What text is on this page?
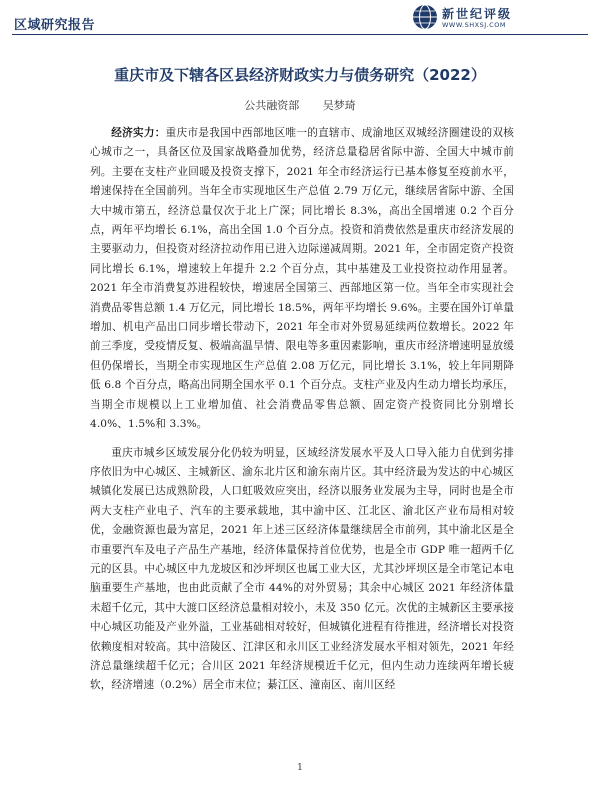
区域研究报告
新世纪评级
WWW.SHXSJ.COM
重庆市及下辖各区县经济财政实力与债务研究（2022）
公共融资部 吴梦琦

经济实力：重庆市是我国中西部地区唯一的直辖市、成渝地区双城经济圈建设的双核心城市之一，具备区位及国家战略叠加优势，经济总量稳居省际中游、全国大中城市前列。主要在支柱产业回暖及投资支撑下，2021 年全市经济运行已基本修复至疫前水平，增速保持在全国前列。当年全市实现地区生产总值 2.79 万亿元，继续居省际中游、全国大中城市第五，经济总量仅次于北上广深；同比增长 8.3%，高出全国增速 0.2 个百分点，两年平均增长 6.1%，高出全国 1.0 个百分点。投资和消费依然是重庆市经济发展的主要驱动力，但投资对经济拉动作用已进入边际递减周期。2021 年，全市固定资产投资同比增长 6.1%，增速较上年提升 2.2 个百分点，其中基建及工业投资拉动作用显著。2021 年全市消费复苏进程较快，增速居全国第三、西部地区第一位。当年全市实现社会消费品零售总额 1.4 万亿元，同比增长 18.5%，两年平均增长 9.6%。主要在国外订单量增加、机电产品出口同步增长带动下，2021 年全市对外贸易延续两位数增长。2022 年前三季度，受疫情反复、极端高温旱情、限电等多重因素影响，重庆市经济增速明显放缓但仍保增长，当期全市实现地区生产总值 2.08 万亿元，同比增长 3.1%，较上年同期降低 6.8 个百分点，略高出同期全国水平 0.1 个百分点。支柱产业及内生动力增长均承压，当期全市规模以上工业增加值、社会消费品零售总额、固定资产投资同比分别增长 4.0%、1.5%和 3.3%。

重庆市城乡区域发展分化仍较为明显，区域经济发展水平及人口导入能力自优到劣排序依旧为中心城区、主城新区、渝东北片区和渝东南片区。其中经济最为发达的中心城区城镇化发展已达成熟阶段，人口虹吸效应突出，经济以服务业发展为主导，同时也是全市两大支柱产业电子、汽车的主要承载地，其中渝中区、江北区、渝北区产业布局相对较优，金融资源也最为富足，2021 年上述三区经济体量继续居全市前列，其中渝北区是全市重要汽车及电子产品生产基地，经济体量保持首位优势，也是全市 GDP 唯一超两千亿元的区县。中心城区中九龙坡区和沙坪坝区也属工业大区，尤其沙坪坝区是全市笔记本电脑重要生产基地，也由此贡献了全市 44%的对外贸易；其余中心城区 2021 年经济体量未超千亿元，其中大渡口区经济总量相对较小，未及 350 亿元。次优的主城新区主要承接中心城区功能及产业外溢，工业基础相对较好，但城镇化进程有待推进，经济增长对投资依赖度相对较高。其中涪陵区、江津区和永川区工业经济发展水平相对领先，2021 年经济总量继续超千亿元；合川区 2021 年经济规模近千亿元，但内生动力连续两年增长疲软，经济增速（0.2%）居全市末位；綦江区、潼南区、南川区经

1
